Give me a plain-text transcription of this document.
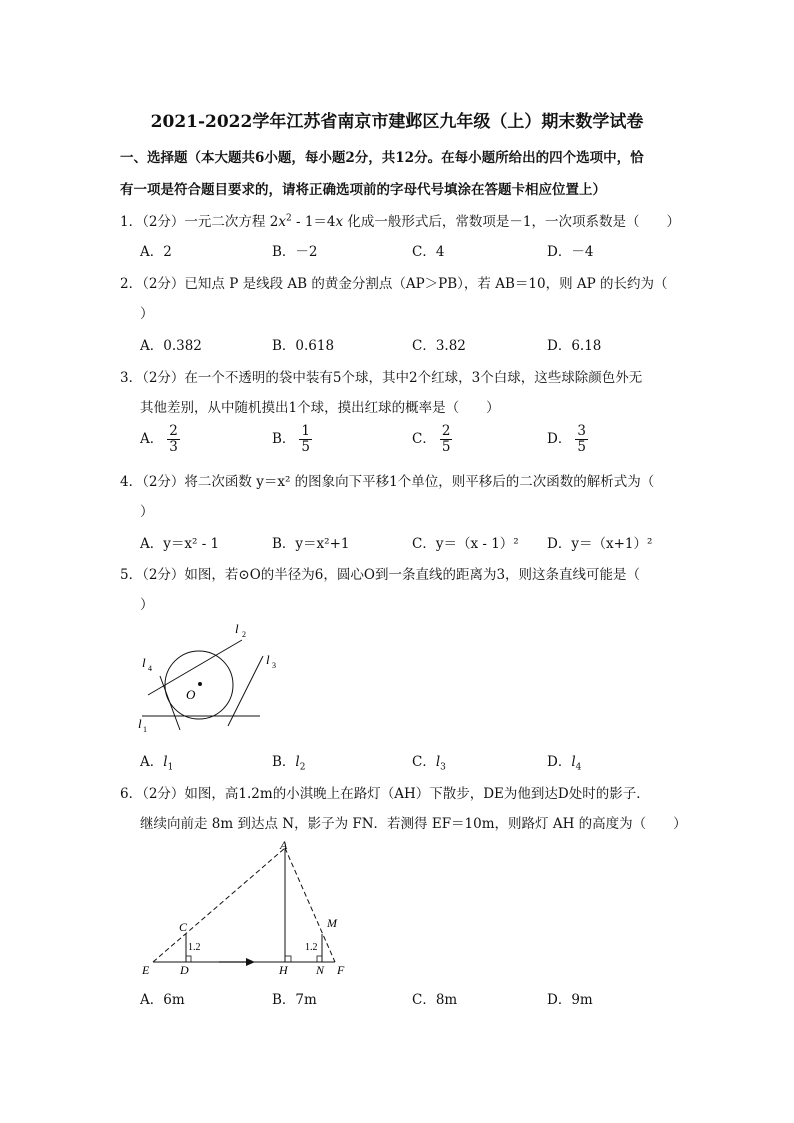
2021-2022学年江苏省南京市建邺区九年级（上）期末数学试卷
一、选择题（本大题共6小题，每小题2分，共12分。在每小题所给出的四个选项中，恰
有一项是符合题目要求的，请将正确选项前的字母代号填涂在答题卡相应位置上）
1．（2分）一元二次方程 $2x^2 - 1=4x$ 化成一般形式后，常数项是－1，一次项系数是（　　）
A．2	B．－2	C．4	D．－4
2．（2分）已知点 P 是线段 AB 的黄金分割点（AP＞PB），若 AB＝10，则 AP 的长约为（
）
A．0.382	B．0.618	C．3.82	D．6.18
3．（2分）在一个不透明的袋中装有5个球，其中2个红球，3个白球，这些球除颜色外无
其他差别，从中随机摸出1个球，摸出红球的概率是（　　）
A． $\frac{2}{3}$	B． $\frac{1}{5}$	C． $\frac{2}{5}$	D． $\frac{3}{5}$
4．（2分）将二次函数 y＝x² 的图象向下平移1个单位，则平移后的二次函数的解析式为（
）
A．y＝x² - 1	B．y＝x²+1	C．y＝（x - 1）² D．y＝（x+1）²
5．（2分）如图，若⊙O的半径为6，圆心O到一条直线的距离为3，则这条直线可能是（
）
O
l 1
l 2
l 3
l 4
A．$l_1$	B．$l_2$	C．$l_3$	D．$l_4$
6．（2分）如图，高1.2m的小淇晚上在路灯（AH）下散步，DE为他到达D处时的影子．
继续向前走 8m 到达点 N，影子为 FN．若测得 EF＝10m，则路灯 AH 的高度为（　　）
A
C	M
E	D	H N F
1.2	1.2
A．6m	B．7m	C．8m	D．9m
